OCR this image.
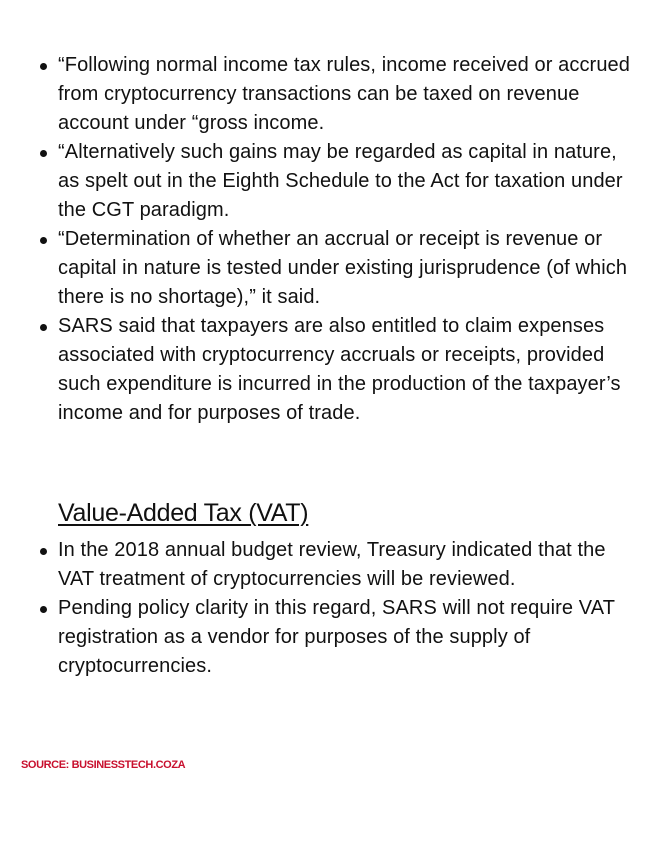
“Following normal income tax rules, income received or accrued from cryptocurrency transactions can be taxed on revenue account under “gross income.
“Alternatively such gains may be regarded as capital in nature, as spelt out in the Eighth Schedule to the Act for taxation under the CGT paradigm.
“Determination of whether an accrual or receipt is revenue or capital in nature is tested under existing jurisprudence (of which there is no shortage),” it said.
SARS said that taxpayers are also entitled to claim expenses associated with cryptocurrency accruals or receipts, provided such expenditure is incurred in the production of the taxpayer’s income and for purposes of trade.
Value-Added Tax (VAT)
In the 2018 annual budget review, Treasury indicated that the VAT treatment of cryptocurrencies will be reviewed.
Pending policy clarity in this regard, SARS will not require VAT registration as a vendor for purposes of the supply of cryptocurrencies.
SOURCE: BUSINESSTECH.COZA
